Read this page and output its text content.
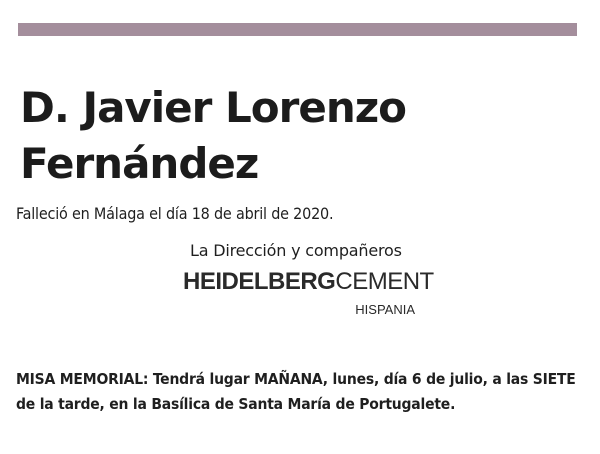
D. Javier Lorenzo
Fernández
Falleció en Málaga el día 18 de abril de 2020.
La Dirección y compañeros
HEIDELBERGCEMENT
HISPANIA
MISA MEMORIAL: Tendrá lugar MAÑANA, lunes, día 6 de julio, a las SIETE de la tarde, en la Basílica de Santa María de Portugalete.
